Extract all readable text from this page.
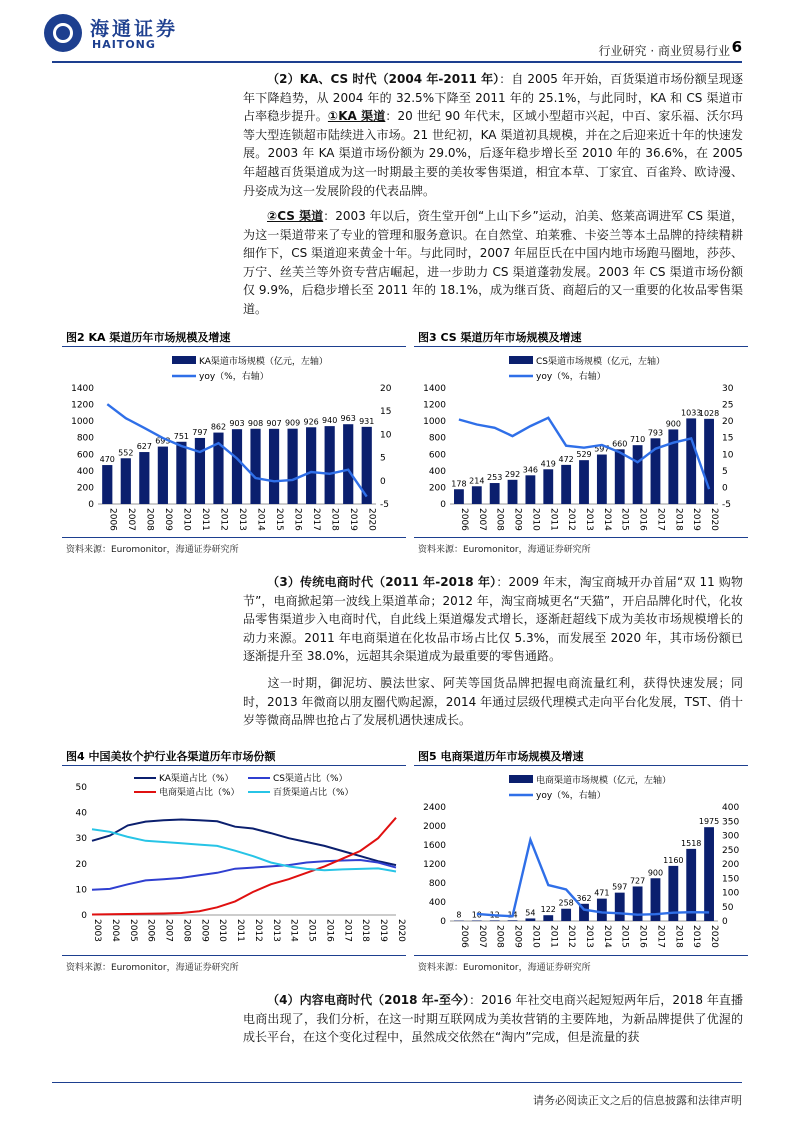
海通证券
HAITONG	行业研究 · 商业贸易行业 6
（2）KA、CS 时代（2004 年-2011 年）：自 2005 年开始，百货渠道市场份额呈现逐年下降趋势，从 2004 年的 32.5%下降至 2011 年的 25.1%，与此同时，KA 和 CS 渠道市占率稳步提升。①KA 渠道：20 世纪 90 年代末，区域小型超市兴起，中百、家乐福、沃尔玛等大型连锁超市陆续进入市场。21 世纪初，KA 渠道初具规模，并在之后迎来近十年的快速发展。2003 年 KA 渠道市场份额为 29.0%，后逐年稳步增长至 2010 年的 36.6%，在 2005 年超越百货渠道成为这一时期最主要的美妆零售渠道，相宜本草、丁家宜、百雀羚、欧诗漫、丹姿成为这一发展阶段的代表品牌。
②CS 渠道：2003 年以后，资生堂开创“上山下乡”运动，泊美、悠莱高调进军 CS 渠道，为这一渠道带来了专业的管理和服务意识。在自然堂、珀莱雅、卡姿兰等本土品牌的持续精耕细作下，CS 渠道迎来黄金十年。与此同时，2007 年屈臣氏在中国内地市场跑马圈地，莎莎、万宁、丝芙兰等外资专营店崛起，进一步助力 CS 渠道蓬勃发展。2003 年 CS 渠道市场份额仅 9.9%，后稳步增长至 2011 年的 18.1%，成为继百货、商超后的又一重要的化妆品零售渠道。
图2 KA 渠道历年市场规模及增速
0
200
400
600
800
1000
1200
1400
-5
0
5
10
15
20
470
2006
552
2007
627
2008
693
2009
751
2010
797
2011
862
2012
903
2013
908
2014
907
2015
909
2016
926
2017
940
2018
963
2019
931
2020
KA渠道市场规模（亿元，左轴）
yoy（%，右轴）
资料来源：Euromonitor，海通证券研究所
图3 CS 渠道历年市场规模及增速
0
200
400
600
800
1000
1200
1400
-5
0
5
10
15
20
25
30
178
2006
214
2007
253
2008
292
2009
346
2010
419
2011
472
2012
529
2013
597
2014
660
2015
710
2016
793
2017
900
2018
1033
2019
1028
2020
CS渠道市场规模（亿元，左轴）
yoy（%，右轴）
资料来源：Euromonitor，海通证券研究所
（3）传统电商时代（2011 年-2018 年）：2009 年末，淘宝商城开办首届“双 11 购物节”，电商掀起第一波线上渠道革命；2012 年，淘宝商城更名“天猫”，开启品牌化时代，化妆品零售渠道步入电商时代，自此线上渠道爆发式增长，逐渐赶超线下成为美妆市场规模增长的动力来源。2011 年电商渠道在化妆品市场占比仅 5.3%，而发展至 2020 年，其市场份额已逐渐提升至 38.0%，远超其余渠道成为最重要的零售通路。
这一时期，御泥坊、膜法世家、阿芙等国货品牌把握电商流量红利，获得快速发展；同时，2013 年微商以朋友圈代购起源，2014 年通过层级代理模式走向平台化发展，TST、俏十岁等微商品牌也抢占了发展机遇快速成长。
图4 中国美妆个护行业各渠道历年市场份额
0
10
20
30
40
50
2003 2004 2005 2006 2007 2008 2009 2010 2011 2012 2013 2014 2015 2016 2017 2018 2019 2020
KA渠道占比（%）	CS渠道占比（%）
电商渠道占比（%）	百货渠道占比（%）
资料来源：Euromonitor，海通证券研究所
图5 电商渠道历年市场规模及增速
0
400
800
1200
1600
2000
2400
0
50
100
150
200
250
300
350
400
8
2006
10
2007
12
2008
14
2009
54
2010
122
2011
258
2012
362
2013
471
2014
597
2015
727
2016
900
2017
1160
2018
1518
2019
1975
2020
电商渠道市场规模（亿元，左轴）
yoy（%，右轴）
资料来源：Euromonitor，海通证券研究所
（4）内容电商时代（2018 年-至今）：2016 年社交电商兴起短短两年后，2018 年直播电商出现了，我们分析，在这一时期互联网成为美妆营销的主要阵地，为新品牌提供了优渥的成长平台，在这个变化过程中，虽然成交依然在“淘内”完成，但是流量的获
请务必阅读正文之后的信息披露和法律声明
